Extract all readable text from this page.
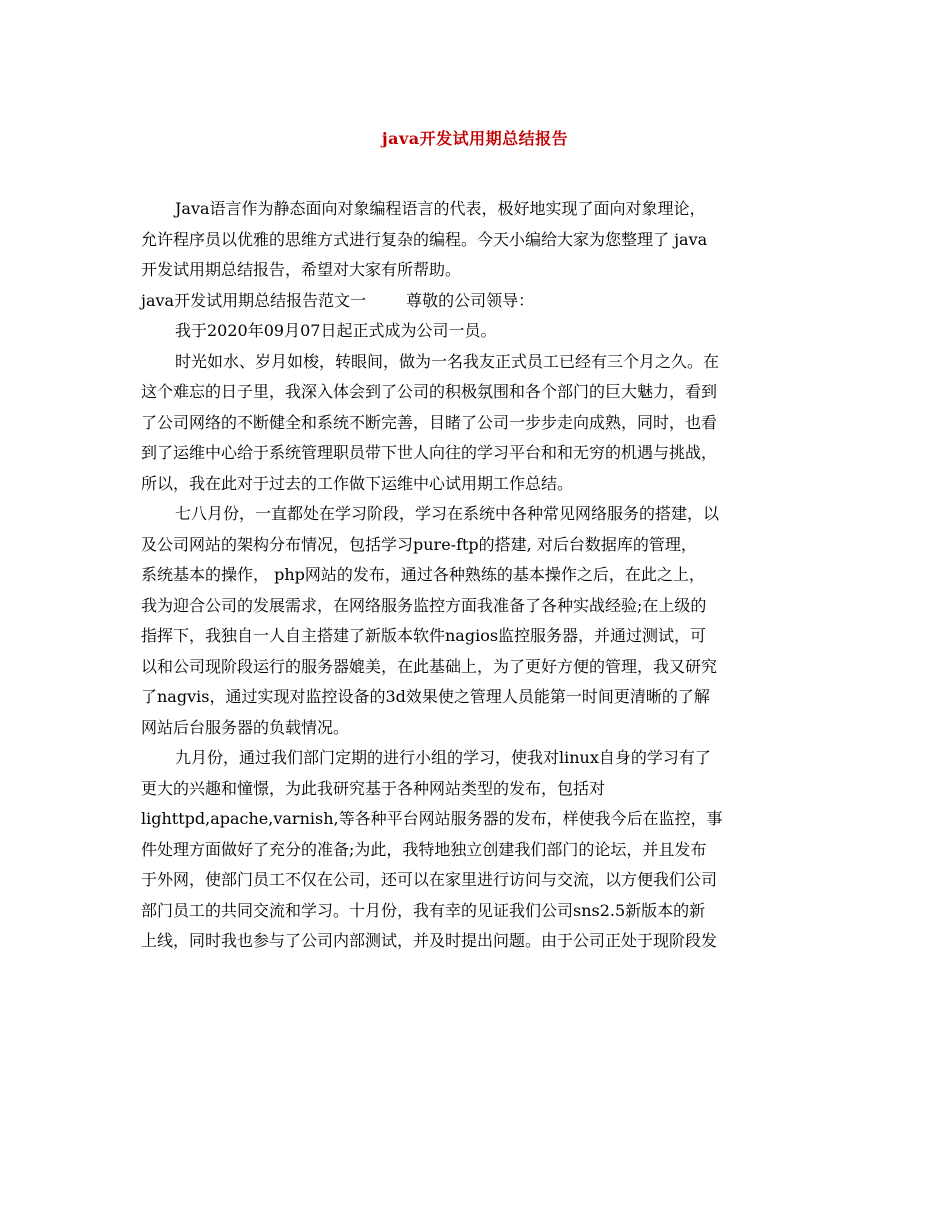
java开发试用期总结报告
Java语言作为静态面向对象编程语言的代表，极好地实现了面向对象理论，
允许程序员以优雅的思维方式进行复杂的编程。今天小编给大家为您整理了 java
开发试用期总结报告，希望对大家有所帮助。
java开发试用期总结报告范文一	尊敬的公司领导：
我于2020年09月07日起正式成为公司一员。
时光如水、岁月如梭，转眼间，做为一名我友正式员工已经有三个月之久。在
这个难忘的日子里，我深入体会到了公司的积极氛围和各个部门的巨大魅力，看到
了公司网络的不断健全和系统不断完善，目睹了公司一步步走向成熟，同时，也看
到了运维中心给于系统管理职员带下世人向往的学习平台和和无穷的机遇与挑战，
所以，我在此对于过去的工作做下运维中心试用期工作总结。
七八月份，一直都处在学习阶段，学习在系统中各种常见网络服务的搭建，以
及公司网站的架构分布情况，包括学习pure-ftp的搭建, 对后台数据库的管理，
系统基本的操作， php网站的发布，通过各种熟练的基本操作之后，在此之上，
我为迎合公司的发展需求，在网络服务监控方面我准备了各种实战经验;在上级的
指挥下，我独自一人自主搭建了新版本软件nagios监控服务器，并通过测试，可
以和公司现阶段运行的服务器媲美，在此基础上，为了更好方便的管理，我又研究
了nagvis，通过实现对监控设备的3d效果使之管理人员能第一时间更清晰的了解
网站后台服务器的负载情况。
九月份，通过我们部门定期的进行小组的学习，使我对linux自身的学习有了
更大的兴趣和憧憬，为此我研究基于各种网站类型的发布，包括对
lighttpd,apache,varnish,等各种平台网站服务器的发布，样使我今后在监控，事
件处理方面做好了充分的准备;为此，我特地独立创建我们部门的论坛，并且发布
于外网，使部门员工不仅在公司，还可以在家里进行访问与交流，以方便我们公司
部门员工的共同交流和学习。十月份，我有幸的见证我们公司sns2.5新版本的新
上线，同时我也参与了公司内部测试，并及时提出问题。由于公司正处于现阶段发
